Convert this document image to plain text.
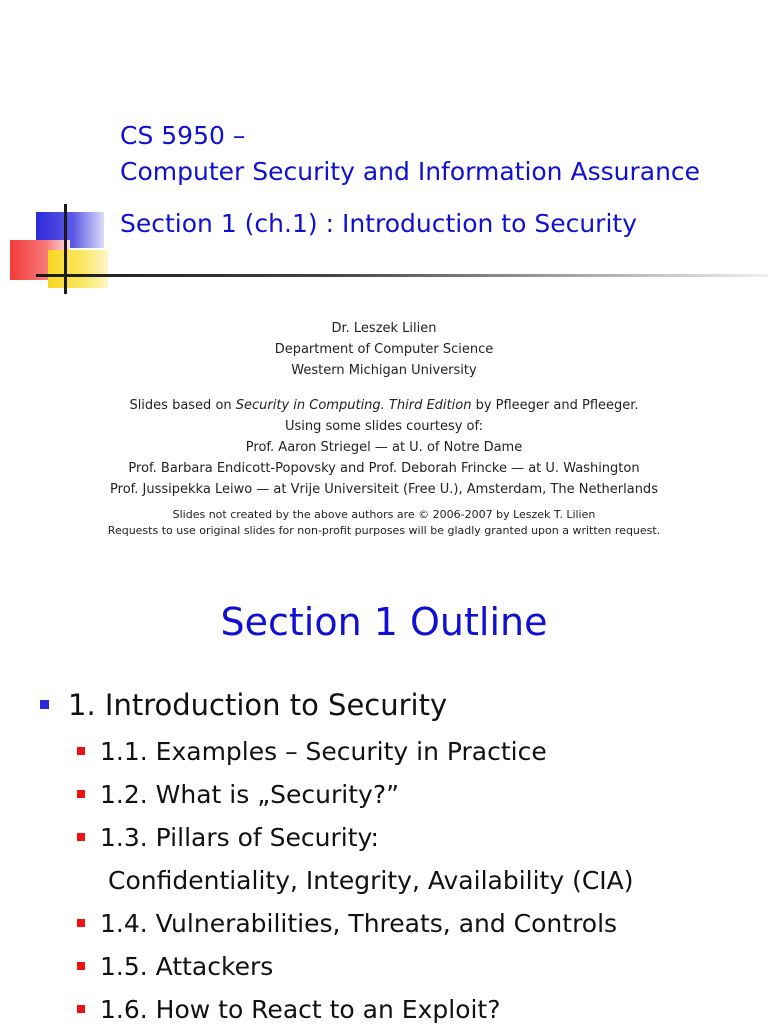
CS 5950 –
Computer Security and Information Assurance
Section 1 (ch.1) : Introduction to Security
Dr. Leszek Lilien
Department of Computer Science
Western Michigan University
Slides based on Security in Computing. Third Edition by Pfleeger and Pfleeger.
Using some slides courtesy of:
Prof. Aaron Striegel — at U. of Notre Dame
Prof. Barbara Endicott-Popovsky and Prof. Deborah Frincke — at U. Washington
Prof. Jussipekka Leiwo — at Vrije Universiteit (Free U.), Amsterdam, The Netherlands
Slides not created by the above authors are © 2006-2007 by Leszek T. Lilien
Requests to use original slides for non-profit purposes will be gladly granted upon a written request.
Section 1 Outline
1. Introduction to Security
1.1. Examples – Security in Practice
1.2. What is „Security?”
1.3. Pillars of Security:
Confidentiality, Integrity, Availability (CIA)
1.4. Vulnerabilities, Threats, and Controls
1.5. Attackers
1.6. How to React to an Exploit?
